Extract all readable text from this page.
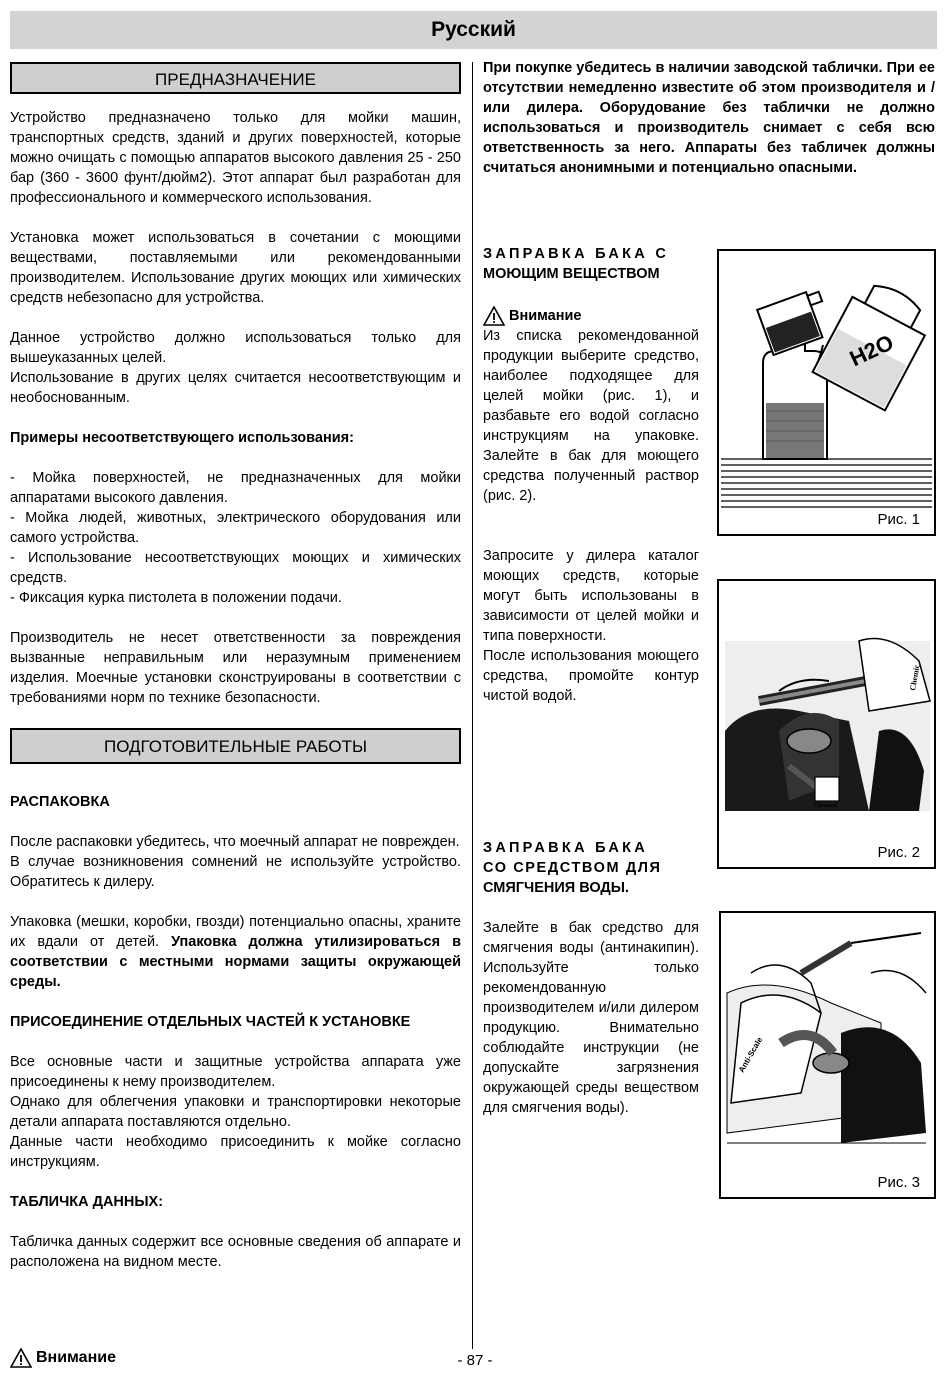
Русский
ПРЕДНАЗНАЧЕНИЕ

Устройство предназначено только для мойки машин, транспортных средств, зданий и других поверхностей, которые можно очищать с помощью аппаратов высокого давления 25 - 250 бар (360 - 3600 фунт/дюйм2). Этот аппарат был разработан для профессионального и коммерческого использования.

Установка может использоваться в сочетании с моющими веществами, поставляемыми или рекомендованными производителем. Использование других моющих или химических средств небезопасно для устройства.

Данное устройство должно использоваться только для вышеуказанных целей.

Использование в других целях считается несоответствующим и необоснованным.

Примеры несоответствующего использования:

- Мойка поверхностей, не предназначенных для мойки аппаратами высокого давления.

- Мойка людей, животных, электрического оборудования или самого устройства.

- Использование несоответствующих моющих и химических средств.

- Фиксация курка пистолета в положении подачи.

Производитель не несет ответственности за повреждения вызванные неправильным или неразумным применением изделия. Моечные установки сконструированы в соответствии с требованиями норм по технике безопасности.

ПОДГОТОВИТЕЛЬНЫЕ РАБОТЫ

РАСПАКОВКА

После распаковки убедитесь, что моечный аппарат не поврежден.

В случае возникновения сомнений не используйте устройство. Обратитесь к дилеру.

Упаковка (мешки, коробки, гвозди) потенциально опасны, храните их вдали от детей. Упаковка должна утилизироваться в соответствии с местными нормами защиты окружающей среды.

ПРИСОЕДИНЕНИЕ ОТДЕЛЬНЫХ ЧАСТЕЙ К УСТАНОВКЕ

Все основные части и защитные устройства аппарата уже присоединены к нему производителем.

Однако для облегчения упаковки и транспортировки некоторые детали аппарата поставляются отдельно.

Данные части необходимо присоединить к мойке согласно инструкциям.

ТАБЛИЧКА ДАННЫХ:

Табличка данных содержит все основные сведения об аппарате и расположена на видном месте.

Внимание

При покупке убедитесь в наличии заводской таблички. При ее отсутствии немедленно известите об этом производителя и / или дилера. Оборудование без таблички не должно использоваться и производитель снимает с себя всю ответственность за него. Аппараты без табличек должны считаться анонимными и потенциально опасными.

ЗАПРАВКА БАКА С

МОЮЩИМ ВЕЩЕСТВОМ

Внимание

Из списка рекомендованной продукции выберите средство, наиболее подходящее для целей мойки (рис. 1), и разбавьте его водой согласно инструкциям на упаковке. Залейте в бак для моющего средства полученный раствор (рис. 2).

Запросите у дилера каталог моющих средств, которые могут быть использованы в зависимости от целей мойки и типа поверхности.

После использования моющего средства, промойте контур чистой водой.

ЗАПРАВКА БАКА

СО СРЕДСТВОМ ДЛЯ

СМЯГЧЕНИЯ ВОДЫ.

Залейте в бак средство для смягчения воды (антинакипин). Используйте только рекомендованную производителем и/или дилером продукцию. Внимательно соблюдайте инструкции (не допускайте загрязнения окружающей среды веществом для смягчения воды).

H2O
Рис. 1
Chemic
Chemical
Рис. 2
Anti-Scale
Рис. 3
- 87 -
